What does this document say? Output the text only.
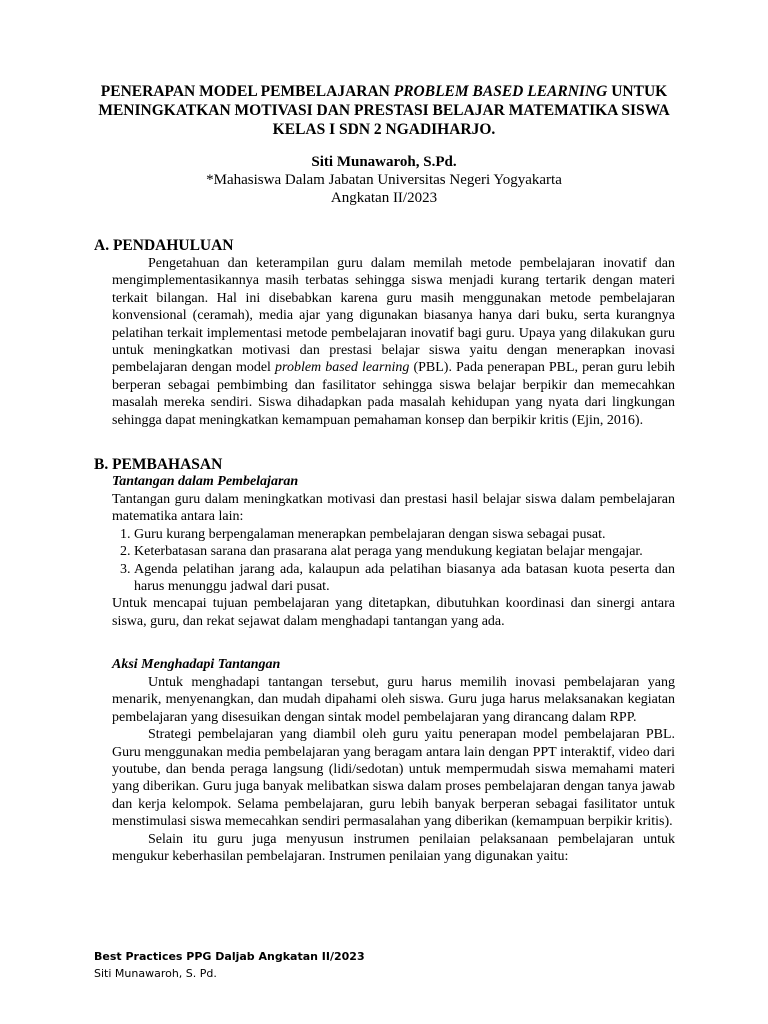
PENERAPAN MODEL PEMBELAJARAN PROBLEM BASED LEARNING UNTUK MENINGKATKAN MOTIVASI DAN PRESTASI BELAJAR MATEMATIKA SISWA KELAS I SDN 2 NGADIHARJO.
Siti Munawaroh, S.Pd.
*Mahasiswa Dalam Jabatan Universitas Negeri Yogyakarta
Angkatan II/2023
A. PENDAHULUAN

Pengetahuan dan keterampilan guru dalam memilah metode pembelajaran inovatif dan mengimplementasikannya masih terbatas sehingga siswa menjadi kurang tertarik dengan materi terkait bilangan. Hal ini disebabkan karena guru masih menggunakan metode pembelajaran konvensional (ceramah), media ajar yang digunakan biasanya hanya dari buku, serta kurangnya pelatihan terkait implementasi metode pembelajaran inovatif bagi guru. Upaya yang dilakukan guru untuk meningkatkan motivasi dan prestasi belajar siswa yaitu dengan menerapkan inovasi pembelajaran dengan model problem based learning (PBL). Pada penerapan PBL, peran guru lebih berperan sebagai pembimbing dan fasilitator sehingga siswa belajar berpikir dan memecahkan masalah mereka sendiri. Siswa dihadapkan pada masalah kehidupan yang nyata dari lingkungan sehingga dapat meningkatkan kemampuan pemahaman konsep dan berpikir kritis (Ejin, 2016).

B. PEMBAHASAN

Tantangan dalam Pembelajaran

Tantangan guru dalam meningkatkan motivasi dan prestasi hasil belajar siswa dalam pembelajaran matematika antara lain:

1. Guru kurang berpengalaman menerapkan pembelajaran dengan siswa sebagai pusat.
2. Keterbatasan sarana dan prasarana alat peraga yang mendukung kegiatan belajar mengajar.
3. Agenda pelatihan jarang ada, kalaupun ada pelatihan biasanya ada batasan kuota peserta dan harus menunggu jadwal dari pusat.

Untuk mencapai tujuan pembelajaran yang ditetapkan, dibutuhkan koordinasi dan sinergi antara siswa, guru, dan rekat sejawat dalam menghadapi tantangan yang ada.

Aksi Menghadapi Tantangan

Untuk menghadapi tantangan tersebut, guru harus memilih inovasi pembelajaran yang menarik, menyenangkan, dan mudah dipahami oleh siswa. Guru juga harus melaksanakan kegiatan pembelajaran yang disesuikan dengan sintak model pembelajaran yang dirancang dalam RPP.

Strategi pembelajaran yang diambil oleh guru yaitu penerapan model pembelajaran PBL. Guru menggunakan media pembelajaran yang beragam antara lain dengan PPT interaktif, video dari youtube, dan benda peraga langsung (lidi/sedotan) untuk mempermudah siswa memahami materi yang diberikan. Guru juga banyak melibatkan siswa dalam proses pembelajaran dengan tanya jawab dan kerja kelompok. Selama pembelajaran, guru lebih banyak berperan sebagai fasilitator untuk menstimulasi siswa memecahkan sendiri permasalahan yang diberikan (kemampuan berpikir kritis).

Selain itu guru juga menyusun instrumen penilaian pelaksanaan pembelajaran untuk mengukur keberhasilan pembelajaran. Instrumen penilaian yang digunakan yaitu:

Best Practices PPG Daljab Angkatan II/2023
Siti Munawaroh, S. Pd.
